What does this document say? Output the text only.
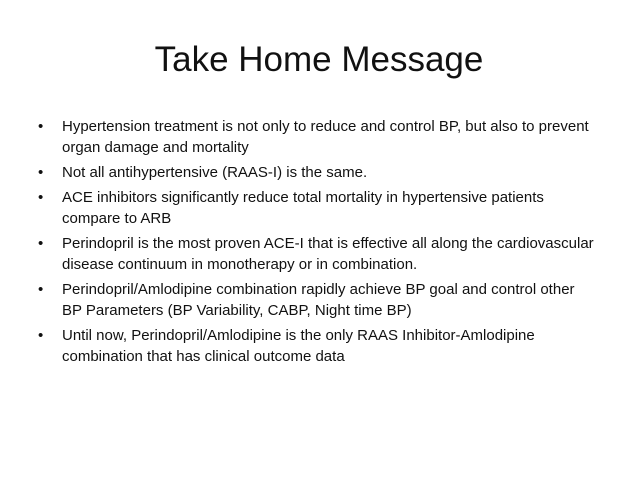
Take Home Message
• Hypertension treatment is not only to reduce and control BP, but also to prevent organ damage and mortality
• Not all antihypertensive (RAAS-I) is the same.
• ACE inhibitors significantly reduce total mortality in hypertensive patients compare to ARB
• Perindopril is the most proven ACE-I that is effective all along the cardiovascular disease continuum in monotherapy or in combination.
• Perindopril/Amlodipine combination rapidly achieve BP goal and control other BP Parameters (BP Variability, CABP, Night time BP)
• Until now, Perindopril/Amlodipine is the only RAAS Inhibitor-Amlodipine combination that has clinical outcome data
